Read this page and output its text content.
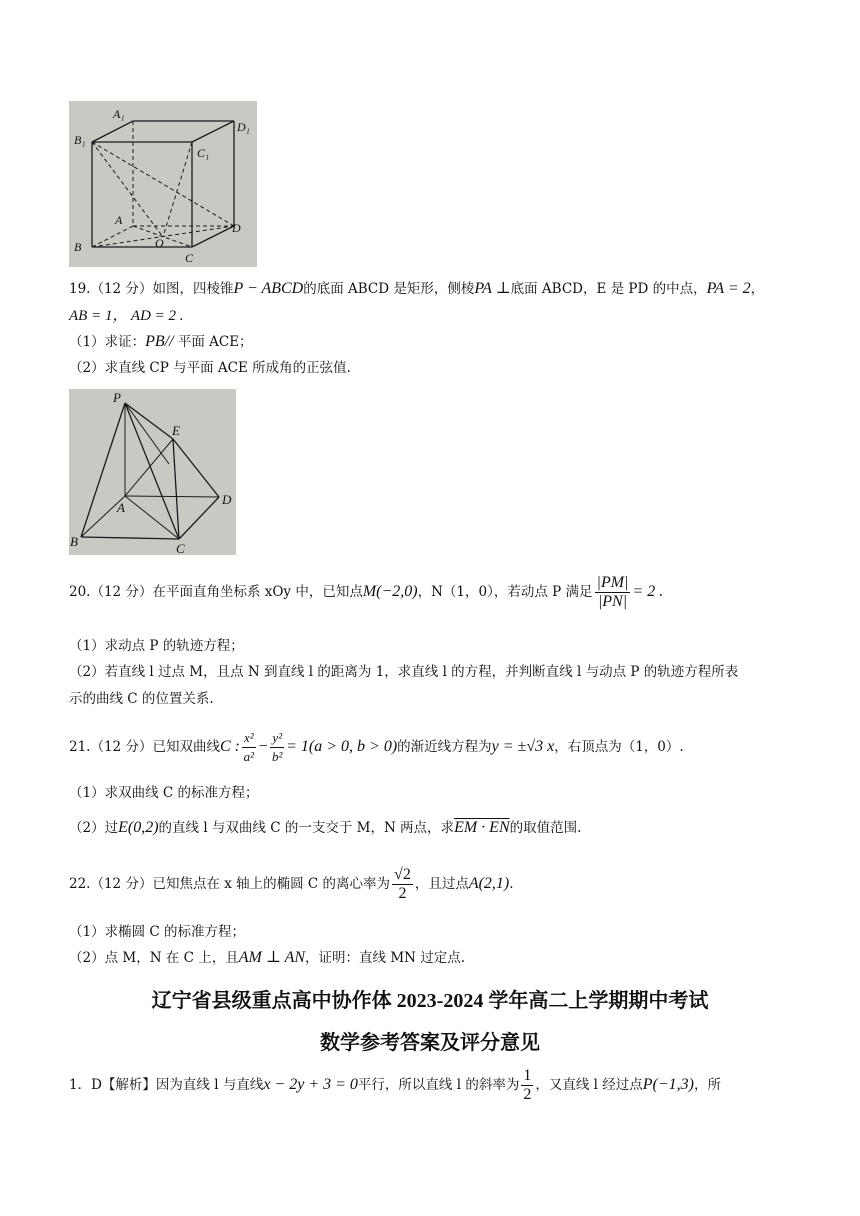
A₁
D₁
B₁
C₁
A
D
B	O
C
19.（12 分）如图，四棱锥P − ABCD的底面 ABCD 是矩形，侧棱PA ⊥底面 ABCD，E 是 PD 的中点，PA = 2，
AB = 1， AD = 2 .
（1）求证：PB// 平面 ACE；
（2）求直线 CP 与平面 ACE 所成角的正弦值.
P
E
D
A
B	C
20.（12 分）在平面直角坐标系 xOy 中，已知点M(−2,0)，N（1，0），若动点 P 满足 $\frac{|PM|}{|PN|} = 2$ .
（1）求动点 P 的轨迹方程；
（2）若直线 l 过点 M，且点 N 到直线 l 的距离为 1，求直线 l 的方程，并判断直线 l 与动点 P 的轨迹方程所表
示的曲线 C 的位置关系.
21.（12 分）已知双曲线C : $\frac{\text{x²}}{\text{a²}} - \frac{\text{y²}}{\text{b²}} = 1(a > 0$, b > 0)的渐近线方程为y = ±√3 x，右顶点为（1，0）.
（1）求双曲线 C 的标准方程；
（2）过E(0,2)的直线 l 与双曲线 C 的一支交于 M，N 两点，求EM · EN的取值范围.
22.（12 分）已知焦点在 x 轴上的椭圆 C 的离心率为 $\frac{√2}{2}$ ，且过点A(2,1).
（1）求椭圆 C 的标准方程；
（2）点 M，N 在 C 上，且AM ⊥ AN，证明：直线 MN 过定点.
辽宁省县级重点高中协作体 2023-2024 学年高二上学期期中考试
数学参考答案及评分意见
1．D【解析】因为直线 l 与直线x − 2y + 3 = 0平行，所以直线 l 的斜率为 $\frac{1}{2}$ ，又直线 l 经过点P(−1,3)，所
